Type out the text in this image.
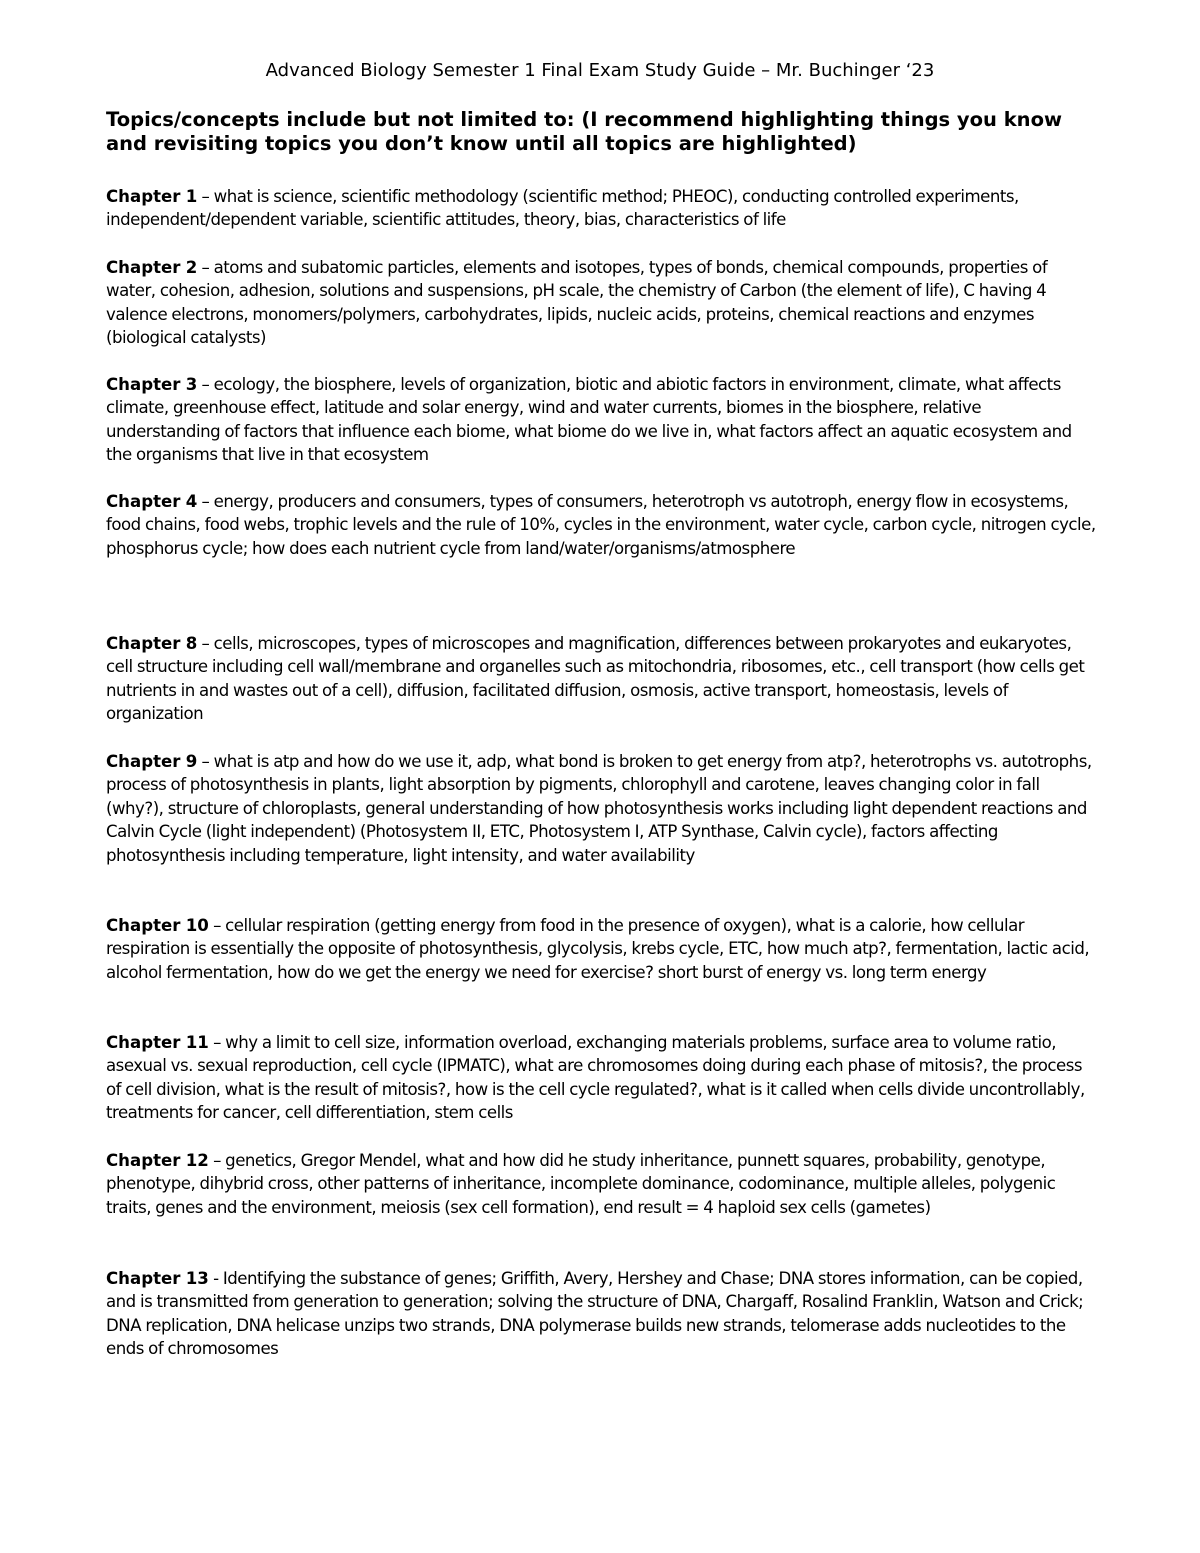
Advanced Biology Semester 1 Final Exam Study Guide – Mr. Buchinger ‘23
Topics/concepts include but not limited to: (I recommend highlighting things you know and revisiting topics you don’t know until all topics are highlighted)

Chapter 1 – what is science, scientific methodology (scientific method; PHEOC), conducting controlled experiments, independent/dependent variable, scientific attitudes, theory, bias, characteristics of life

Chapter 2 – atoms and subatomic particles, elements and isotopes, types of bonds, chemical compounds, properties of water, cohesion, adhesion, solutions and suspensions, pH scale, the chemistry of Carbon (the element of life), C having 4 valence electrons, monomers/polymers, carbohydrates, lipids, nucleic acids, proteins, chemical reactions and enzymes (biological catalysts)

Chapter 3 – ecology, the biosphere, levels of organization, biotic and abiotic factors in environment, climate, what affects climate, greenhouse effect, latitude and solar energy, wind and water currents, biomes in the biosphere, relative understanding of factors that influence each biome, what biome do we live in, what factors affect an aquatic ecosystem and the organisms that live in that ecosystem

Chapter 4 – energy, producers and consumers, types of consumers, heterotroph vs autotroph, energy flow in ecosystems, food chains, food webs, trophic levels and the rule of 10%, cycles in the environment, water cycle, carbon cycle, nitrogen cycle, phosphorus cycle; how does each nutrient cycle from land/water/organisms/atmosphere

Chapter 8 – cells, microscopes, types of microscopes and magnification, differences between prokaryotes and eukaryotes, cell structure including cell wall/membrane and organelles such as mitochondria, ribosomes, etc., cell transport (how cells get nutrients in and wastes out of a cell), diffusion, facilitated diffusion, osmosis, active transport, homeostasis, levels of organization

Chapter 9 – what is atp and how do we use it, adp, what bond is broken to get energy from atp?, heterotrophs vs. autotrophs, process of photosynthesis in plants, light absorption by pigments, chlorophyll and carotene, leaves changing color in fall (why?), structure of chloroplasts, general understanding of how photosynthesis works including light dependent reactions and Calvin Cycle (light independent) (Photosystem II, ETC, Photosystem I, ATP Synthase, Calvin cycle), factors affecting photosynthesis including temperature, light intensity, and water availability

Chapter 10 – cellular respiration (getting energy from food in the presence of oxygen), what is a calorie, how cellular respiration is essentially the opposite of photosynthesis, glycolysis, krebs cycle, ETC, how much atp?, fermentation, lactic acid, alcohol fermentation, how do we get the energy we need for exercise? short burst of energy vs. long term energy

Chapter 11 – why a limit to cell size, information overload, exchanging materials problems, surface area to volume ratio, asexual vs. sexual reproduction, cell cycle (IPMATC), what are chromosomes doing during each phase of mitosis?, the process of cell division, what is the result of mitosis?, how is the cell cycle regulated?, what is it called when cells divide uncontrollably, treatments for cancer, cell differentiation, stem cells

Chapter 12 – genetics, Gregor Mendel, what and how did he study inheritance, punnett squares, probability, genotype, phenotype, dihybrid cross, other patterns of inheritance, incomplete dominance, codominance, multiple alleles, polygenic traits, genes and the environment, meiosis (sex cell formation), end result = 4 haploid sex cells (gametes)

Chapter 13 - Identifying the substance of genes; Griffith, Avery, Hershey and Chase; DNA stores information, can be copied, and is transmitted from generation to generation; solving the structure of DNA, Chargaff, Rosalind Franklin, Watson and Crick; DNA replication, DNA helicase unzips two strands, DNA polymerase builds new strands, telomerase adds nucleotides to the ends of chromosomes
